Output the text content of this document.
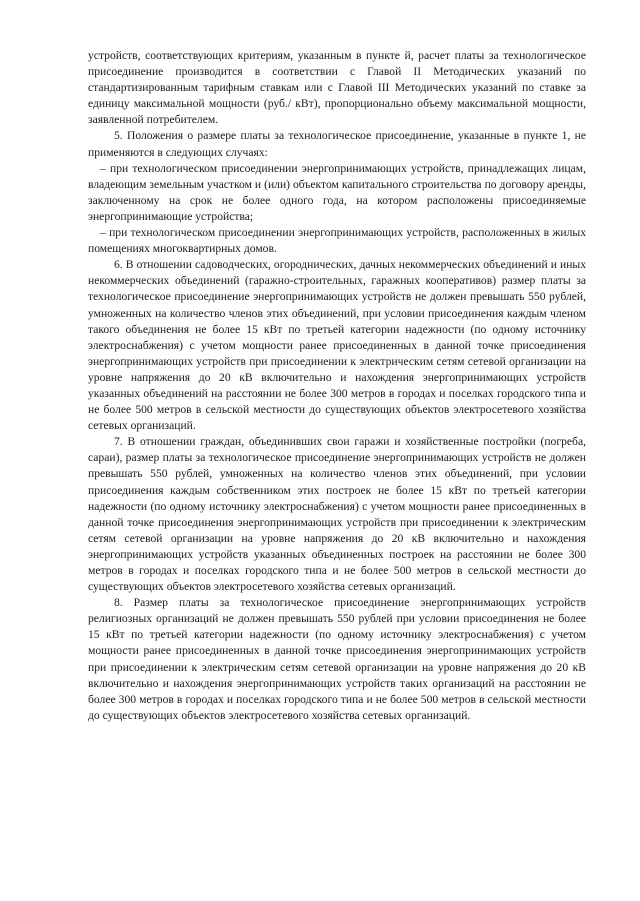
устройств, соответствующих критериям, указанным в пункте й, расчет платы за технологическое присоединение производится в соответствии с Главой II Методических указаний по стандартизированным тарифным ставкам или с Главой III Методических указаний по ставке за единицу максимальной мощности (руб./ кВт), пропорционально объему максимальной мощности, заявленной потребителем.

5. Положения о размере платы за технологическое присоединение, указанные в пункте 1, не применяются в следующих случаях:

– при технологическом присоединении энергопринимающих устройств, принадлежащих лицам, владеющим земельным участком и (или) объектом капитального строительства по договору аренды, заключенному на срок не более одного года, на котором расположены присоединяемые энергопринимающие устройства;

– при технологическом присоединении энергопринимающих устройств, расположенных в жилых помещениях многоквартирных домов.

6. В отношении садоводческих, огороднических, дачных некоммерческих объединений и иных некоммерческих объединений (гаражно-строительных, гаражных кооперативов) размер платы за технологическое присоединение энергопринимающих устройств не должен превышать 550 рублей, умноженных на количество членов этих объединений, при условии присоединения каждым членом такого объединения не более 15 кВт по третьей категории надежности (по одному источнику электроснабжения) с учетом мощности ранее присоединенных в данной точке присоединения энергопринимающих устройств при присоединении к электрическим сетям сетевой организации на уровне напряжения до 20 кВ включительно и нахождения энергопринимающих устройств указанных объединений на расстоянии не более 300 метров в городах и поселках городского типа и не более 500 метров в сельской местности до существующих объектов электросетевого хозяйства сетевых организаций.

7. В отношении граждан, объединивших свои гаражи и хозяйственные постройки (погреба, сараи), размер платы за технологическое присоединение энергопринимающих устройств не должен превышать 550 рублей, умноженных на количество членов этих объединений, при условии присоединения каждым собственником этих построек не более 15 кВт по третьей категории надежности (по одному источнику электроснабжения) с учетом мощности ранее присоединенных в данной точке присоединения энергопринимающих устройств при присоединении к электрическим сетям сетевой организации на уровне напряжения до 20 кВ включительно и нахождения энергопринимающих устройств указанных объединенных построек на расстоянии не более 300 метров в городах и поселках городского типа и не более 500 метров в сельской местности до существующих объектов электросетевого хозяйства сетевых организаций.

8. Размер платы за технологическое присоединение энергопринимающих устройств религиозных организаций не должен превышать 550 рублей при условии присоединения не более 15 кВт по третьей категории надежности (по одному источнику электроснабжения) с учетом мощности ранее присоединенных в данной точке присоединения энергопринимающих устройств при присоединении к электрическим сетям сетевой организации на уровне напряжения до 20 кВ включительно и нахождения энергопринимающих устройств таких организаций на расстоянии не более 300 метров в городах и поселках городского типа и не более 500 метров в сельской местности до существующих объектов электросетевого хозяйства сетевых организаций.
